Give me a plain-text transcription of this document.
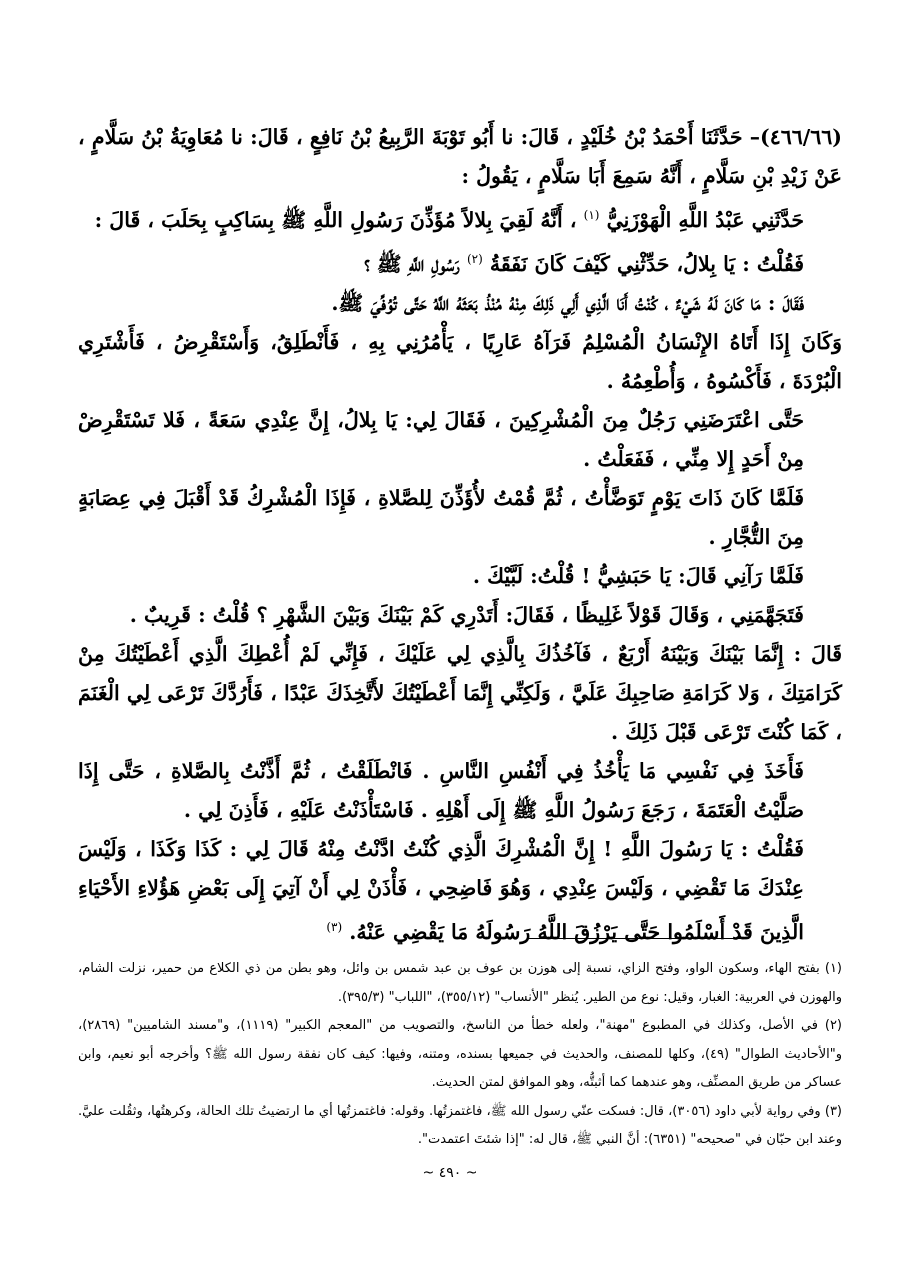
(٤٦٦/٦٦)– حَدَّثَنَا أَحْمَدُ بْنُ خُلَيْدٍ ، قَالَ: نا أَبُو تَوْبَةَ الرَّبِيعُ بْنُ نَافِعٍ ، قَالَ: نا مُعَاوِيَةُ بْنُ سَلَّامٍ ، عَنْ زَيْدِ بْنِ سَلَّامٍ ، أَنَّهُ سَمِعَ أَبَا سَلَّامٍ ، يَقُولُ :

حَدَّثَنِي عَبْدُ اللَّهِ الْهَوْزَنِيُّ $^{(١)}$ ، أَنَّهُ لَقِيَ بِلالاً مُؤَذِّنَ رَسُولِ اللَّهِ ﷺ بِسَاكِبٍ بِحَلَبَ ، قَالَ :

فَقُلْتُ : يَا بِلالُ، حَدِّثْنِي كَيْفَ كَانَ نَفَقَةُ $^{(٢)}$ رَسُولِ اللَّهِ ﷺ ؟

فَقَالَ : مَا كَانَ لَهُ شَيْءٌ ، كُنْتُ أَنَا الَّذِي أَلِي ذَلِكَ مِنْهُ مُنْذُ بَعَثَهُ اللَّهُ حَتَّى تُوُفِّيَ ﷺ.

وَكَانَ إِذَا أَتَاهُ الإِنْسَانُ الْمُسْلِمُ فَرَآهُ عَارِيًا ، يَأْمُرُنِي بِهِ ، فَأَنْطَلِقُ، وَأَسْتَقْرِضُ ، فَأَشْتَرِي الْبُرْدَةَ ، فَأَكْسُوهُ ، وَأُطْعِمُهُ .

حَتَّى اعْتَرَضَنِي رَجُلٌ مِنَ الْمُشْرِكِينَ ، فَقَالَ لِي: يَا بِلالُ، إِنَّ عِنْدِي سَعَةً ، فَلا تَسْتَقْرِضْ مِنْ أَحَدٍ إِلا مِنِّي ، فَفَعَلْتُ .

فَلَمَّا كَانَ ذَاتَ يَوْمٍ تَوَضَّأْتُ ، ثُمَّ قُمْتُ لأُؤَذِّنَ لِلصَّلاةِ ، فَإِذَا الْمُشْرِكُ قَدْ أَقْبَلَ فِي عِصَابَةٍ مِنَ التُّجَّارِ .

فَلَمَّا رَآنِي قَالَ: يَا حَبَشِيُّ ! قُلْتُ: لَبَّيْكَ .

فَتَجَهَّمَنِي ، وَقَالَ قَوْلاً غَلِيظًا ، فَقَالَ: أَتَدْرِي كَمْ بَيْنَكَ وَبَيْنَ الشَّهْرِ ؟ قُلْتُ : قَرِيبٌ .

قَالَ : إِنَّمَا بَيْنَكَ وَبَيْنَهُ أَرْبَعٌ ، فَآخُذُكَ بِالَّذِي لِي عَلَيْكَ ، فَإِنِّي لَمْ أُعْطِكَ الَّذِي أَعْطَيْتُكَ مِنْ كَرَامَتِكَ ، وَلا كَرَامَةِ صَاحِبِكَ عَلَيَّ ، وَلَكِنِّي إِنَّمَا أَعْطَيْتُكَ لأَتَّخِذَكَ عَبْدًا ، فَأَرُدَّكَ تَرْعَى لِي الْغَنَمَ ، كَمَا كُنْتَ تَرْعَى قَبْلَ ذَلِكَ .

فَأَخَذَ فِي نَفْسِي مَا يَأْخُذُ فِي أَنْفُسِ النَّاسِ . فَانْطَلَقْتُ ، ثُمَّ أَذَّنْتُ بِالصَّلاةِ ، حَتَّى إِذَا صَلَّيْتُ الْعَتَمَةَ ، رَجَعَ رَسُولُ اللَّهِ ﷺ إِلَى أَهْلِهِ . فَاسْتَأْذَنْتُ عَلَيْهِ ، فَأَذِنَ لِي .

فَقُلْتُ : يَا رَسُولَ اللَّهِ ! إِنَّ الْمُشْرِكَ الَّذِي كُنْتُ ادَّنْتُ مِنْهُ قَالَ لِي : كَذَا وَكَذَا ، وَلَيْسَ عِنْدَكَ مَا تَقْضِي ، وَلَيْسَ عِنْدِي ، وَهُوَ فَاضِحِي ، فَأْذَنْ لِي أَنْ آتِيَ إِلَى بَعْضِ هَؤُلاءِ الأَحْيَاءِ الَّذِينَ قَدْ أَسْلَمُوا حَتَّى يَرْزُقَ اللَّهُ رَسُولَهُ مَا يَقْضِي عَنْهُ. $^{(٣)}$

(١) بفتح الهاء، وسكون الواو، وفتح الزاي، نسبة إلى هوزن بن عوف بن عبد شمس بن وائل، وهو بطن من ذي الكلاع من حمير، نزلت الشام، والهوزن في العربية: الغبار، وقيل: نوع من الطير. يُنظر "الأنساب" (٣٥٥/١٢)، "اللباب" (٣٩٥/٣).

(٢) في الأصل، وكذلك في المطبوع "مهنة"، ولعله خطأ من الناسخ، والتصويب من "المعجم الكبير" (١١١٩)، و"مسند الشاميين" (٢٨٦٩)، و"الأحاديث الطوال" (٤٩)، وكلها للمصنف، والحديث في جميعها بسنده، ومتنه، وفيها: كيف كان نفقة رسول الله ﷺ؟ وأخرجه أبو نعيم، وابن عساكر من طريق المصنِّف، وهو عندهما كما أثبتُّه، وهو الموافق لمتن الحديث.

(٣) وفي رواية لأبي داود (٣٠٥٦)، قال: فسكت عنّي رسول الله ﷺ، فاغتمزتُها. وقوله: فاغتمزتُها أي ما ارتضيتُ تلك الحالة، وكرهتُها، وثقُلت عليَّ. وعند ابن حبّان في "صحيحه" (٦٣٥١): أنَّ النبي ﷺ، قال له: "إذا شئتَ اعتمدت".

~ ٤٩٠ ~
